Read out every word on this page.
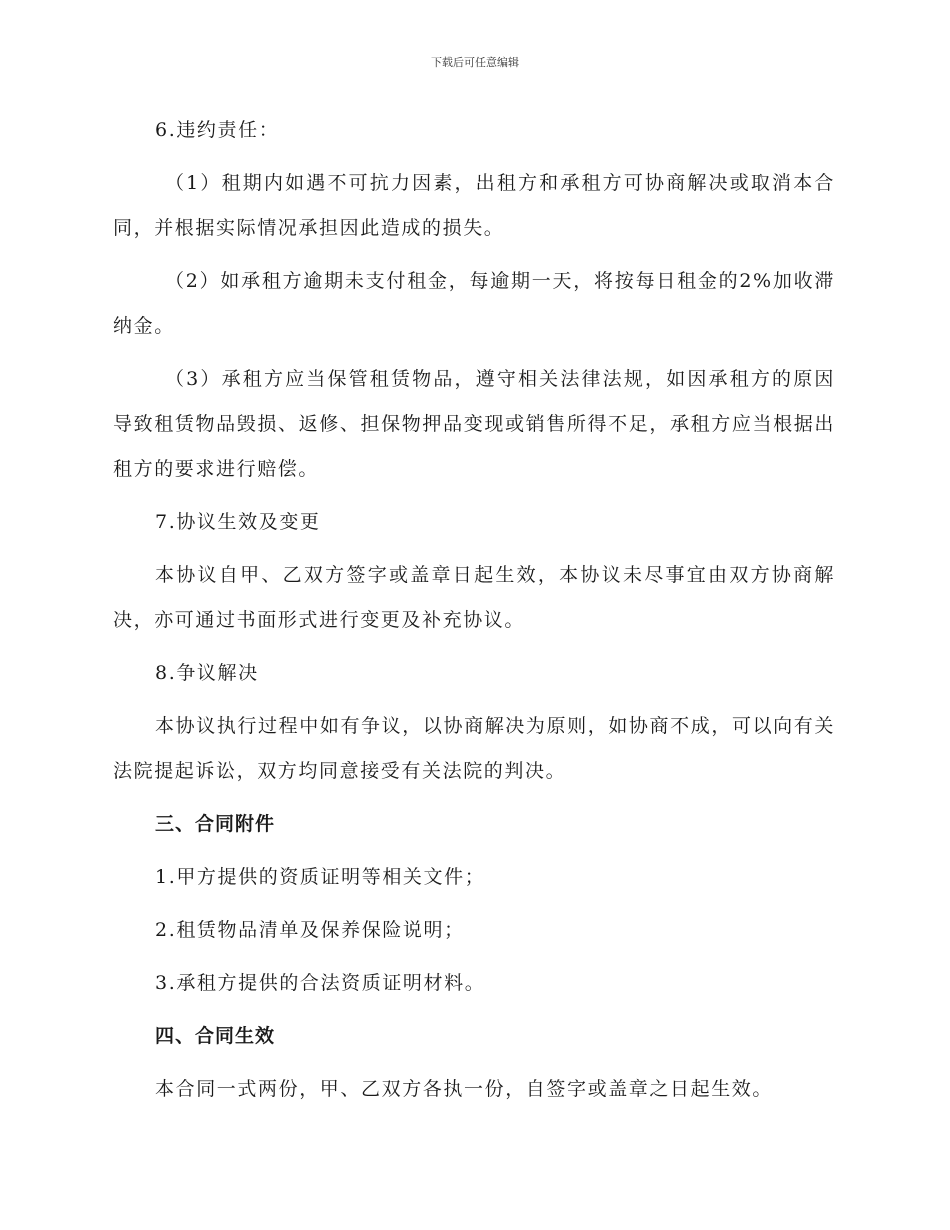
下载后可任意编辑

6.违约责任：

（1）租期内如遇不可抗力因素，出租方和承租方可协商解决或取消本合同，并根据实际情况承担因此造成的损失。

（2）如承租方逾期未支付租金，每逾期一天，将按每日租金的2%加收滞纳金。

（3）承租方应当保管租赁物品，遵守相关法律法规，如因承租方的原因导致租赁物品毁损、返修、担保物押品变现或销售所得不足，承租方应当根据出租方的要求进行赔偿。

7.协议生效及变更

本协议自甲、乙双方签字或盖章日起生效，本协议未尽事宜由双方协商解决，亦可通过书面形式进行变更及补充协议。

8.争议解决

本协议执行过程中如有争议，以协商解决为原则，如协商不成，可以向有关法院提起诉讼，双方均同意接受有关法院的判决。

三、合同附件

1.甲方提供的资质证明等相关文件；

2.租赁物品清单及保养保险说明；

3.承租方提供的合法资质证明材料。

四、合同生效

本合同一式两份，甲、乙双方各执一份，自签字或盖章之日起生效。
